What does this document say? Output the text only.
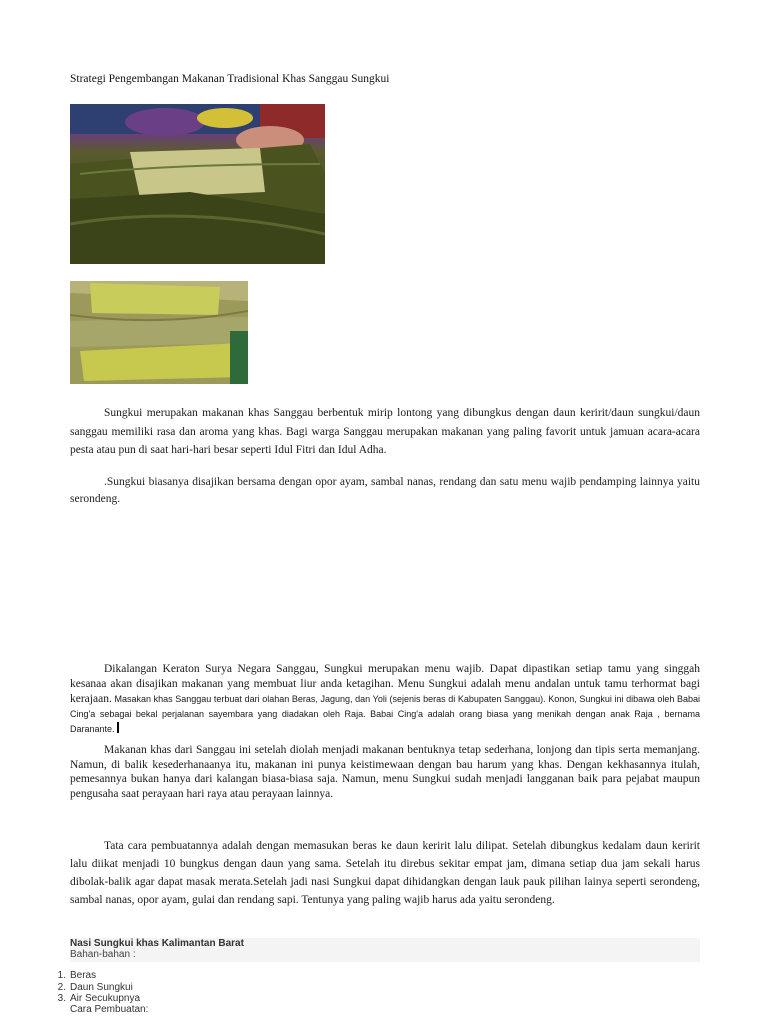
Strategi Pengembangan Makanan Tradisional Khas Sanggau Sungkui

Sungkui merupakan makanan khas Sanggau berbentuk mirip lontong yang dibungkus dengan daun keririt/daun sungkui/daun sanggau memiliki rasa dan aroma yang khas. Bagi warga Sanggau merupakan makanan yang paling favorit untuk jamuan acara-acara pesta atau pun di saat hari-hari besar seperti Idul Fitri dan Idul Adha.

.Sungkui biasanya disajikan bersama dengan opor ayam, sambal nanas, rendang dan satu menu wajib pendamping lainnya yaitu serondeng.

Dikalangan Keraton Surya Negara Sanggau, Sungkui merupakan menu wajib. Dapat dipastikan setiap tamu yang singgah kesanaa akan disajikan makanan yang membuat liur anda ketagihan. Menu Sungkui adalah menu andalan untuk tamu terhormat bagi kerajaan. Masakan khas Sanggau terbuat dari olahan Beras, Jagung, dan Yoli (sejenis beras di Kabupaten Sanggau). Konon, Sungkui ini dibawa oleh Babai Cing'a sebagai bekal perjalanan sayembara yang diadakan oleh Raja. Babai Cing'a adalah orang biasa yang menikah dengan anak Raja , bernama Daranante.

Makanan khas dari Sanggau ini setelah diolah menjadi makanan bentuknya tetap sederhana, lonjong dan tipis serta memanjang. Namun, di balik kesederhanaanya itu, makanan ini punya keistimewaan dengan bau harum yang khas. Dengan kekhasannya itulah, pemesannya bukan hanya dari kalangan biasa-biasa saja. Namun, menu Sungkui sudah menjadi langganan baik para pejabat maupun pengusaha saat perayaan hari raya atau perayaan lainnya.

Tata cara pembuatannya adalah dengan memasukan beras ke daun keririt lalu dilipat. Setelah dibungkus kedalam daun keririt lalu diikat menjadi 10 bungkus dengan daun yang sama. Setelah itu direbus sekitar empat jam, dimana setiap dua jam sekali harus dibolak-balik agar dapat masak merata.Setelah jadi nasi Sungkui dapat dihidangkan dengan lauk pauk pilihan lainya seperti serondeng, sambal nanas, opor ayam, gulai dan rendang sapi. Tentunya yang paling wajib harus ada yaitu serondeng.

Nasi Sungkui khas Kalimantan Barat
Bahan-bahan :
1. Beras
2. Daun Sungkui
3. Air Secukupnya
Cara Pembuatan:
